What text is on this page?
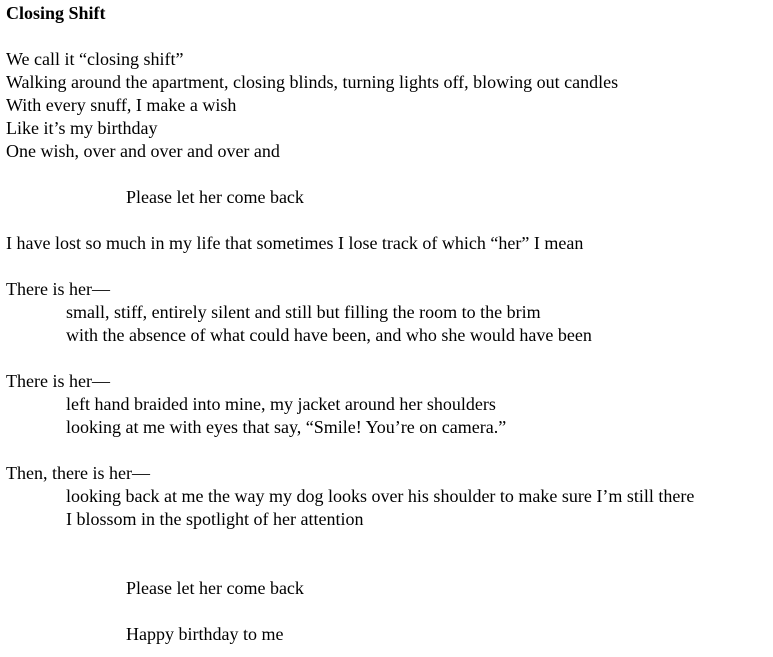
Closing Shift
We call it “closing shift”
Walking around the apartment, closing blinds, turning lights off, blowing out candles
With every snuff, I make a wish
Like it’s my birthday
One wish, over and over and over and
Please let her come back
I have lost so much in my life that sometimes I lose track of which “her” I mean
There is her—
small, stiff, entirely silent and still but filling the room to the brim
with the absence of what could have been, and who she would have been
There is her—
left hand braided into mine, my jacket around her shoulders
looking at me with eyes that say, “Smile! You’re on camera.”
Then, there is her—
looking back at me the way my dog looks over his shoulder to make sure I’m still there
I blossom in the spotlight of her attention
Please let her come back
Happy birthday to me
